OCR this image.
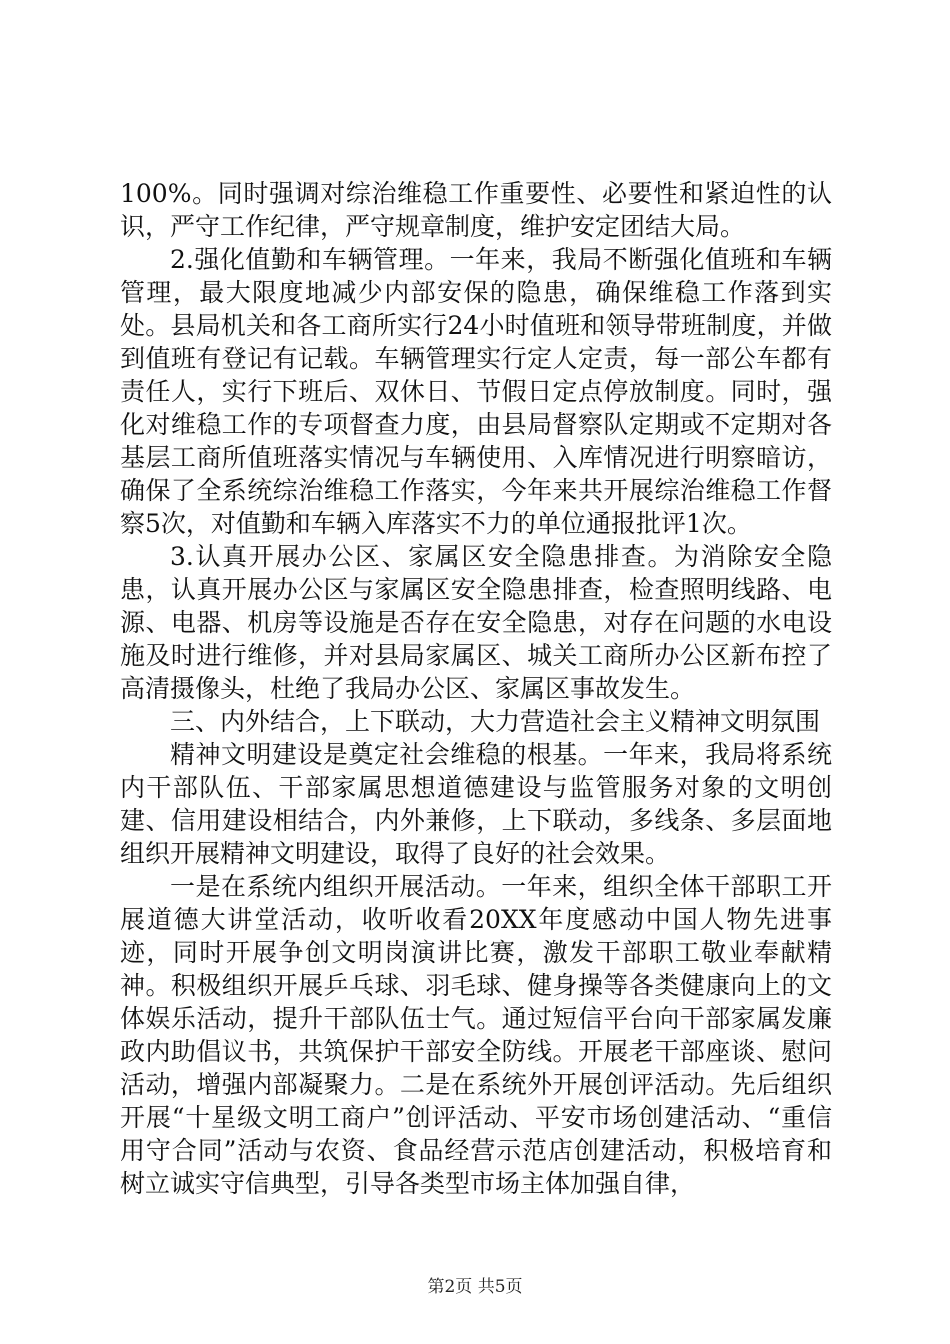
100%。同时强调对综治维稳工作重要性、必要性和紧迫性的认识，严守工作纪律，严守规章制度，维护安定团结大局。

2.强化值勤和车辆管理。一年来，我局不断强化值班和车辆管理，最大限度地减少内部安保的隐患，确保维稳工作落到实处。县局机关和各工商所实行24小时值班和领导带班制度，并做到值班有登记有记载。车辆管理实行定人定责，每一部公车都有责任人，实行下班后、双休日、节假日定点停放制度。同时，强化对维稳工作的专项督查力度，由县局督察队定期或不定期对各基层工商所值班落实情况与车辆使用、入库情况进行明察暗访，确保了全系统综治维稳工作落实，今年来共开展综治维稳工作督察5次，对值勤和车辆入库落实不力的单位通报批评1次。

3.认真开展办公区、家属区安全隐患排查。为消除安全隐患，认真开展办公区与家属区安全隐患排查，检查照明线路、电源、电器、机房等设施是否存在安全隐患，对存在问题的水电设施及时进行维修，并对县局家属区、城关工商所办公区新布控了高清摄像头，杜绝了我局办公区、家属区事故发生。

三、内外结合，上下联动，大力营造社会主义精神文明氛围

精神文明建设是奠定社会维稳的根基。一年来，我局将系统内干部队伍、干部家属思想道德建设与监管服务对象的文明创建、信用建设相结合，内外兼修，上下联动，多线条、多层面地组织开展精神文明建设，取得了良好的社会效果。

一是在系统内组织开展活动。一年来，组织全体干部职工开展道德大讲堂活动，收听收看20XX年度感动中国人物先进事迹，同时开展争创文明岗演讲比赛，激发干部职工敬业奉献精神。积极组织开展乒乓球、羽毛球、健身操等各类健康向上的文体娱乐活动，提升干部队伍士气。通过短信平台向干部家属发廉政内助倡议书，共筑保护干部安全防线。开展老干部座谈、慰问活动，增强内部凝聚力。二是在系统外开展创评活动。先后组织开展“十星级文明工商户”创评活动、平安市场创建活动、“重信用守合同”活动与农资、食品经营示范店创建活动，积极培育和树立诚实守信典型，引导各类型市场主体加强自律，

第2页 共5页
